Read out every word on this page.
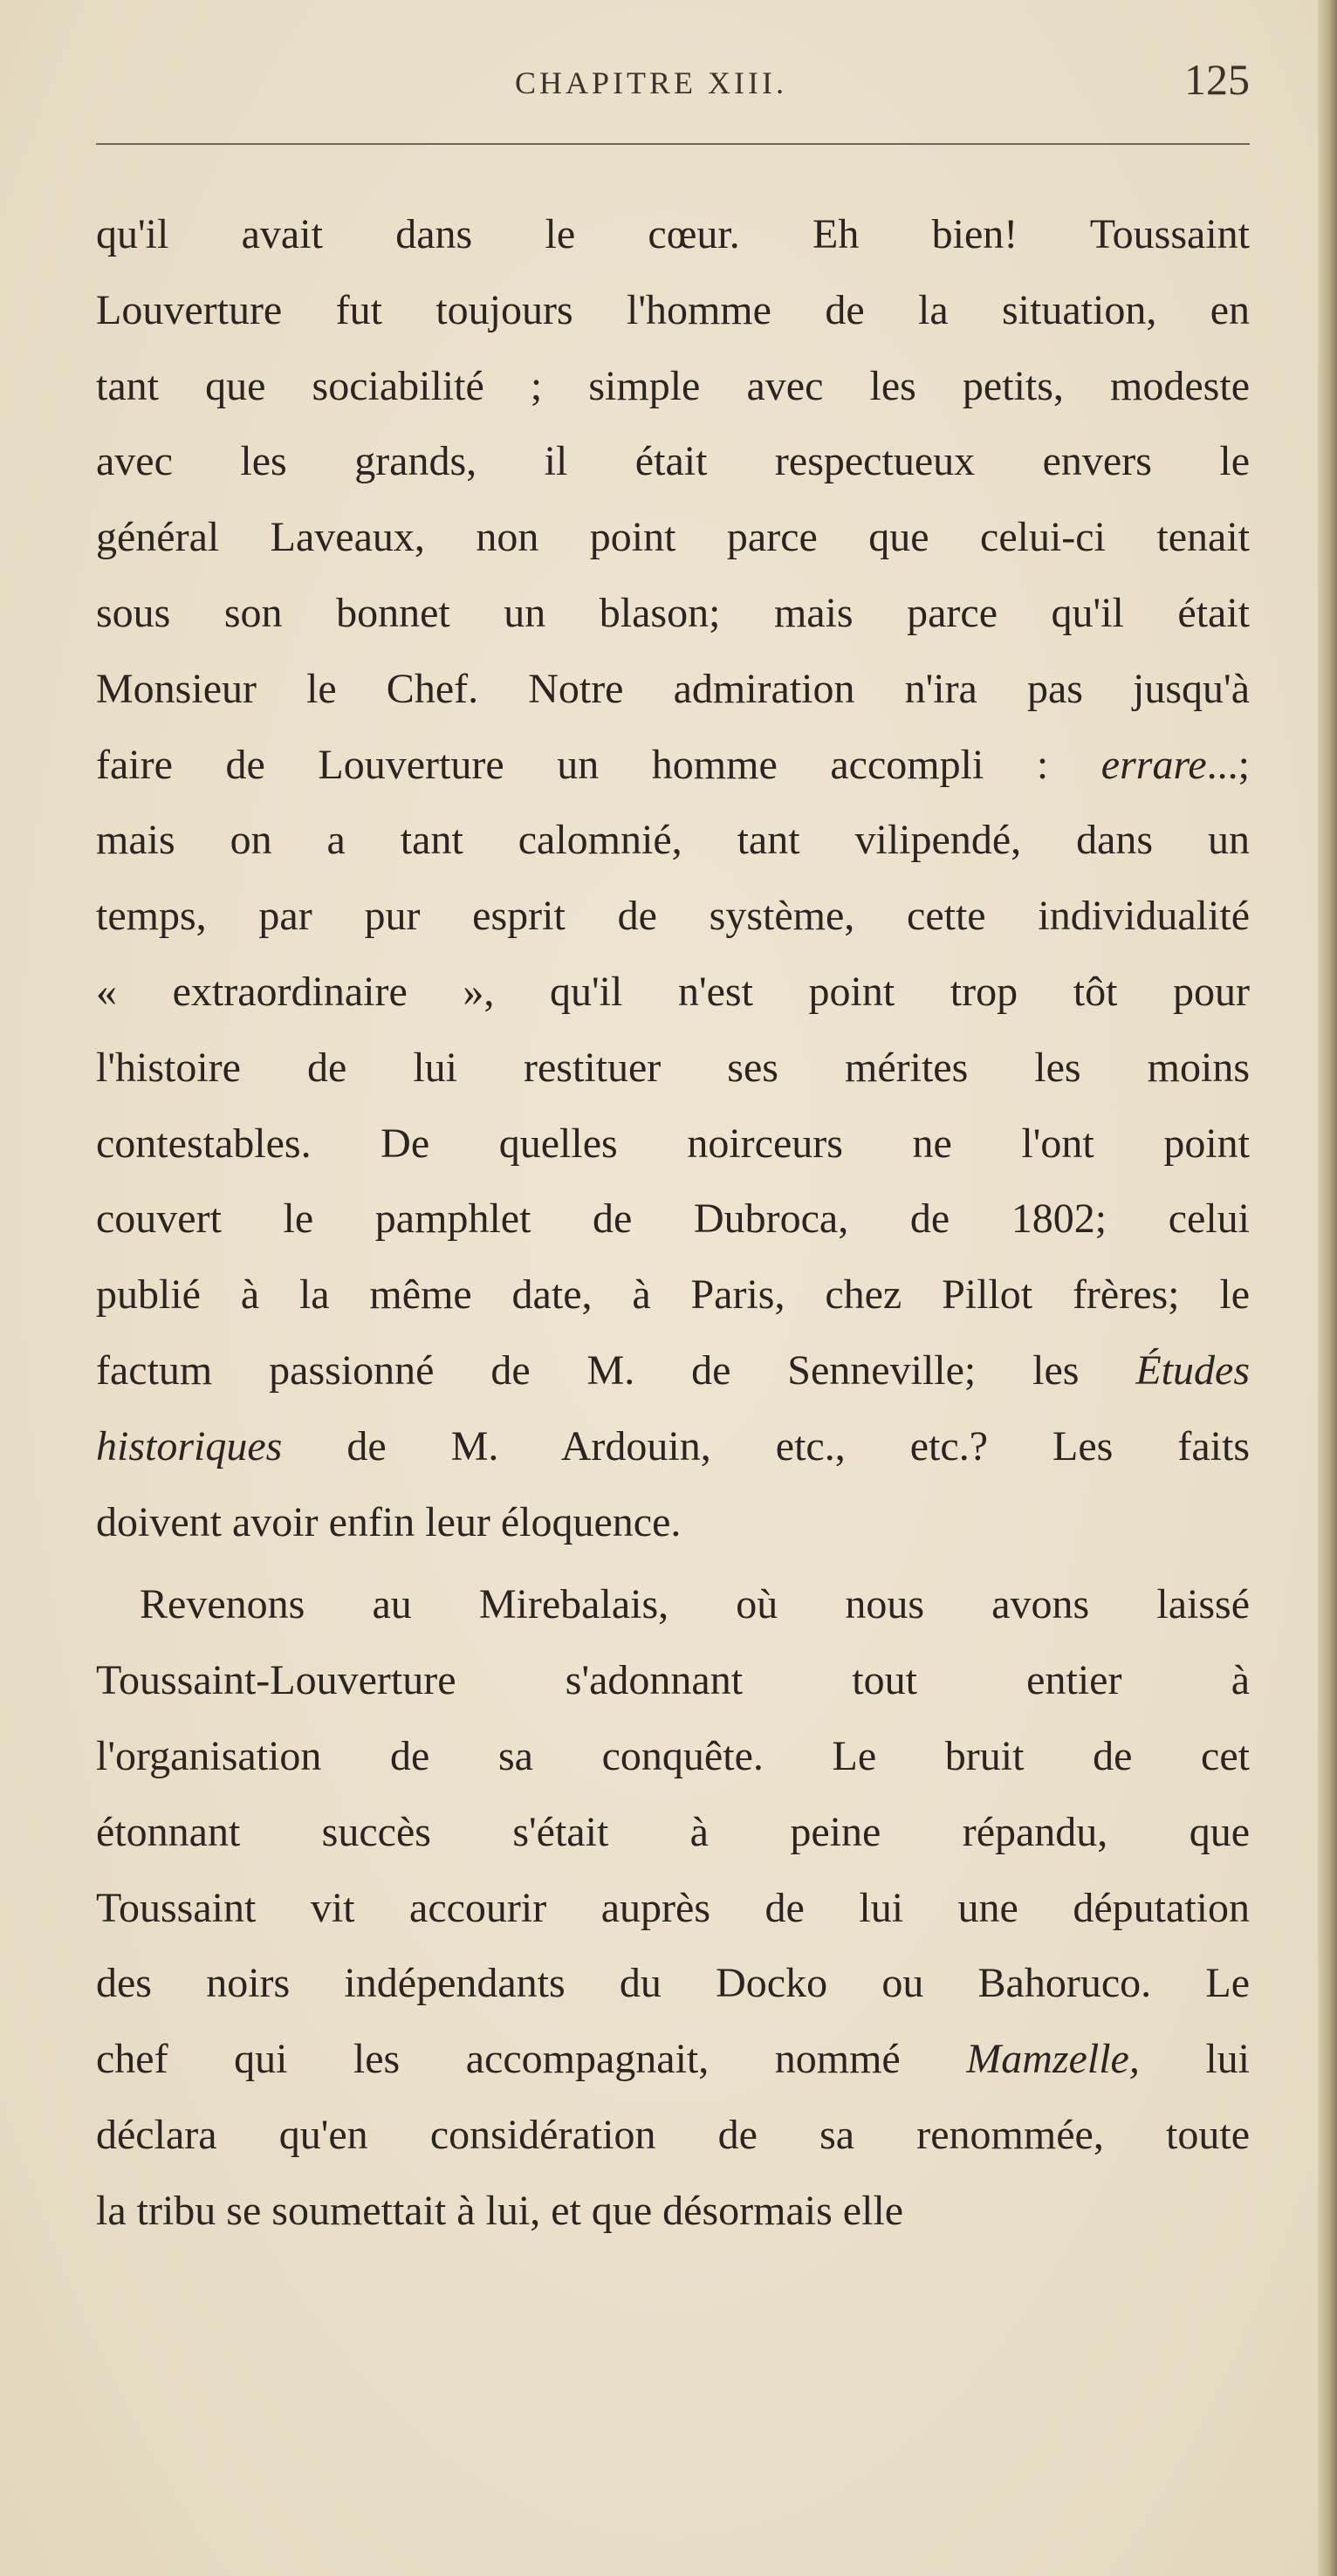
CHAPITRE XIII.	125
qu'il avait dans le cœur. Eh bien! Toussaint
Louverture fut toujours l'homme de la situation, en
tant que sociabilité ; simple avec les petits, modeste
avec les grands, il était respectueux envers le
général Laveaux, non point parce que celui-ci tenait
sous son bonnet un blason; mais parce qu'il était
Monsieur le Chef. Notre admiration n'ira pas jusqu'à
faire de Louverture un homme accompli : errare...;
mais on a tant calomnié, tant vilipendé, dans un
temps, par pur esprit de système, cette individualité
« extraordinaire », qu'il n'est point trop tôt pour
l'histoire de lui restituer ses mérites les moins
contestables. De quelles noirceurs ne l'ont point
couvert le pamphlet de Dubroca, de 1802; celui
publié à la même date, à Paris, chez Pillot frères; le
factum passionné de M. de Senneville; les Études
historiques de M. Ardouin, etc., etc.? Les faits
doivent avoir enfin leur éloquence.
Revenons au Mirebalais, où nous avons laissé
Toussaint-Louverture s'adonnant tout entier à
l'organisation de sa conquête. Le bruit de cet
étonnant succès s'était à peine répandu, que
Toussaint vit accourir auprès de lui une députation
des noirs indépendants du Docko ou Bahoruco. Le
chef qui les accompagnait, nommé Mamzelle, lui
déclara qu'en considération de sa renommée, toute
la tribu se soumettait à lui, et que désormais elle
